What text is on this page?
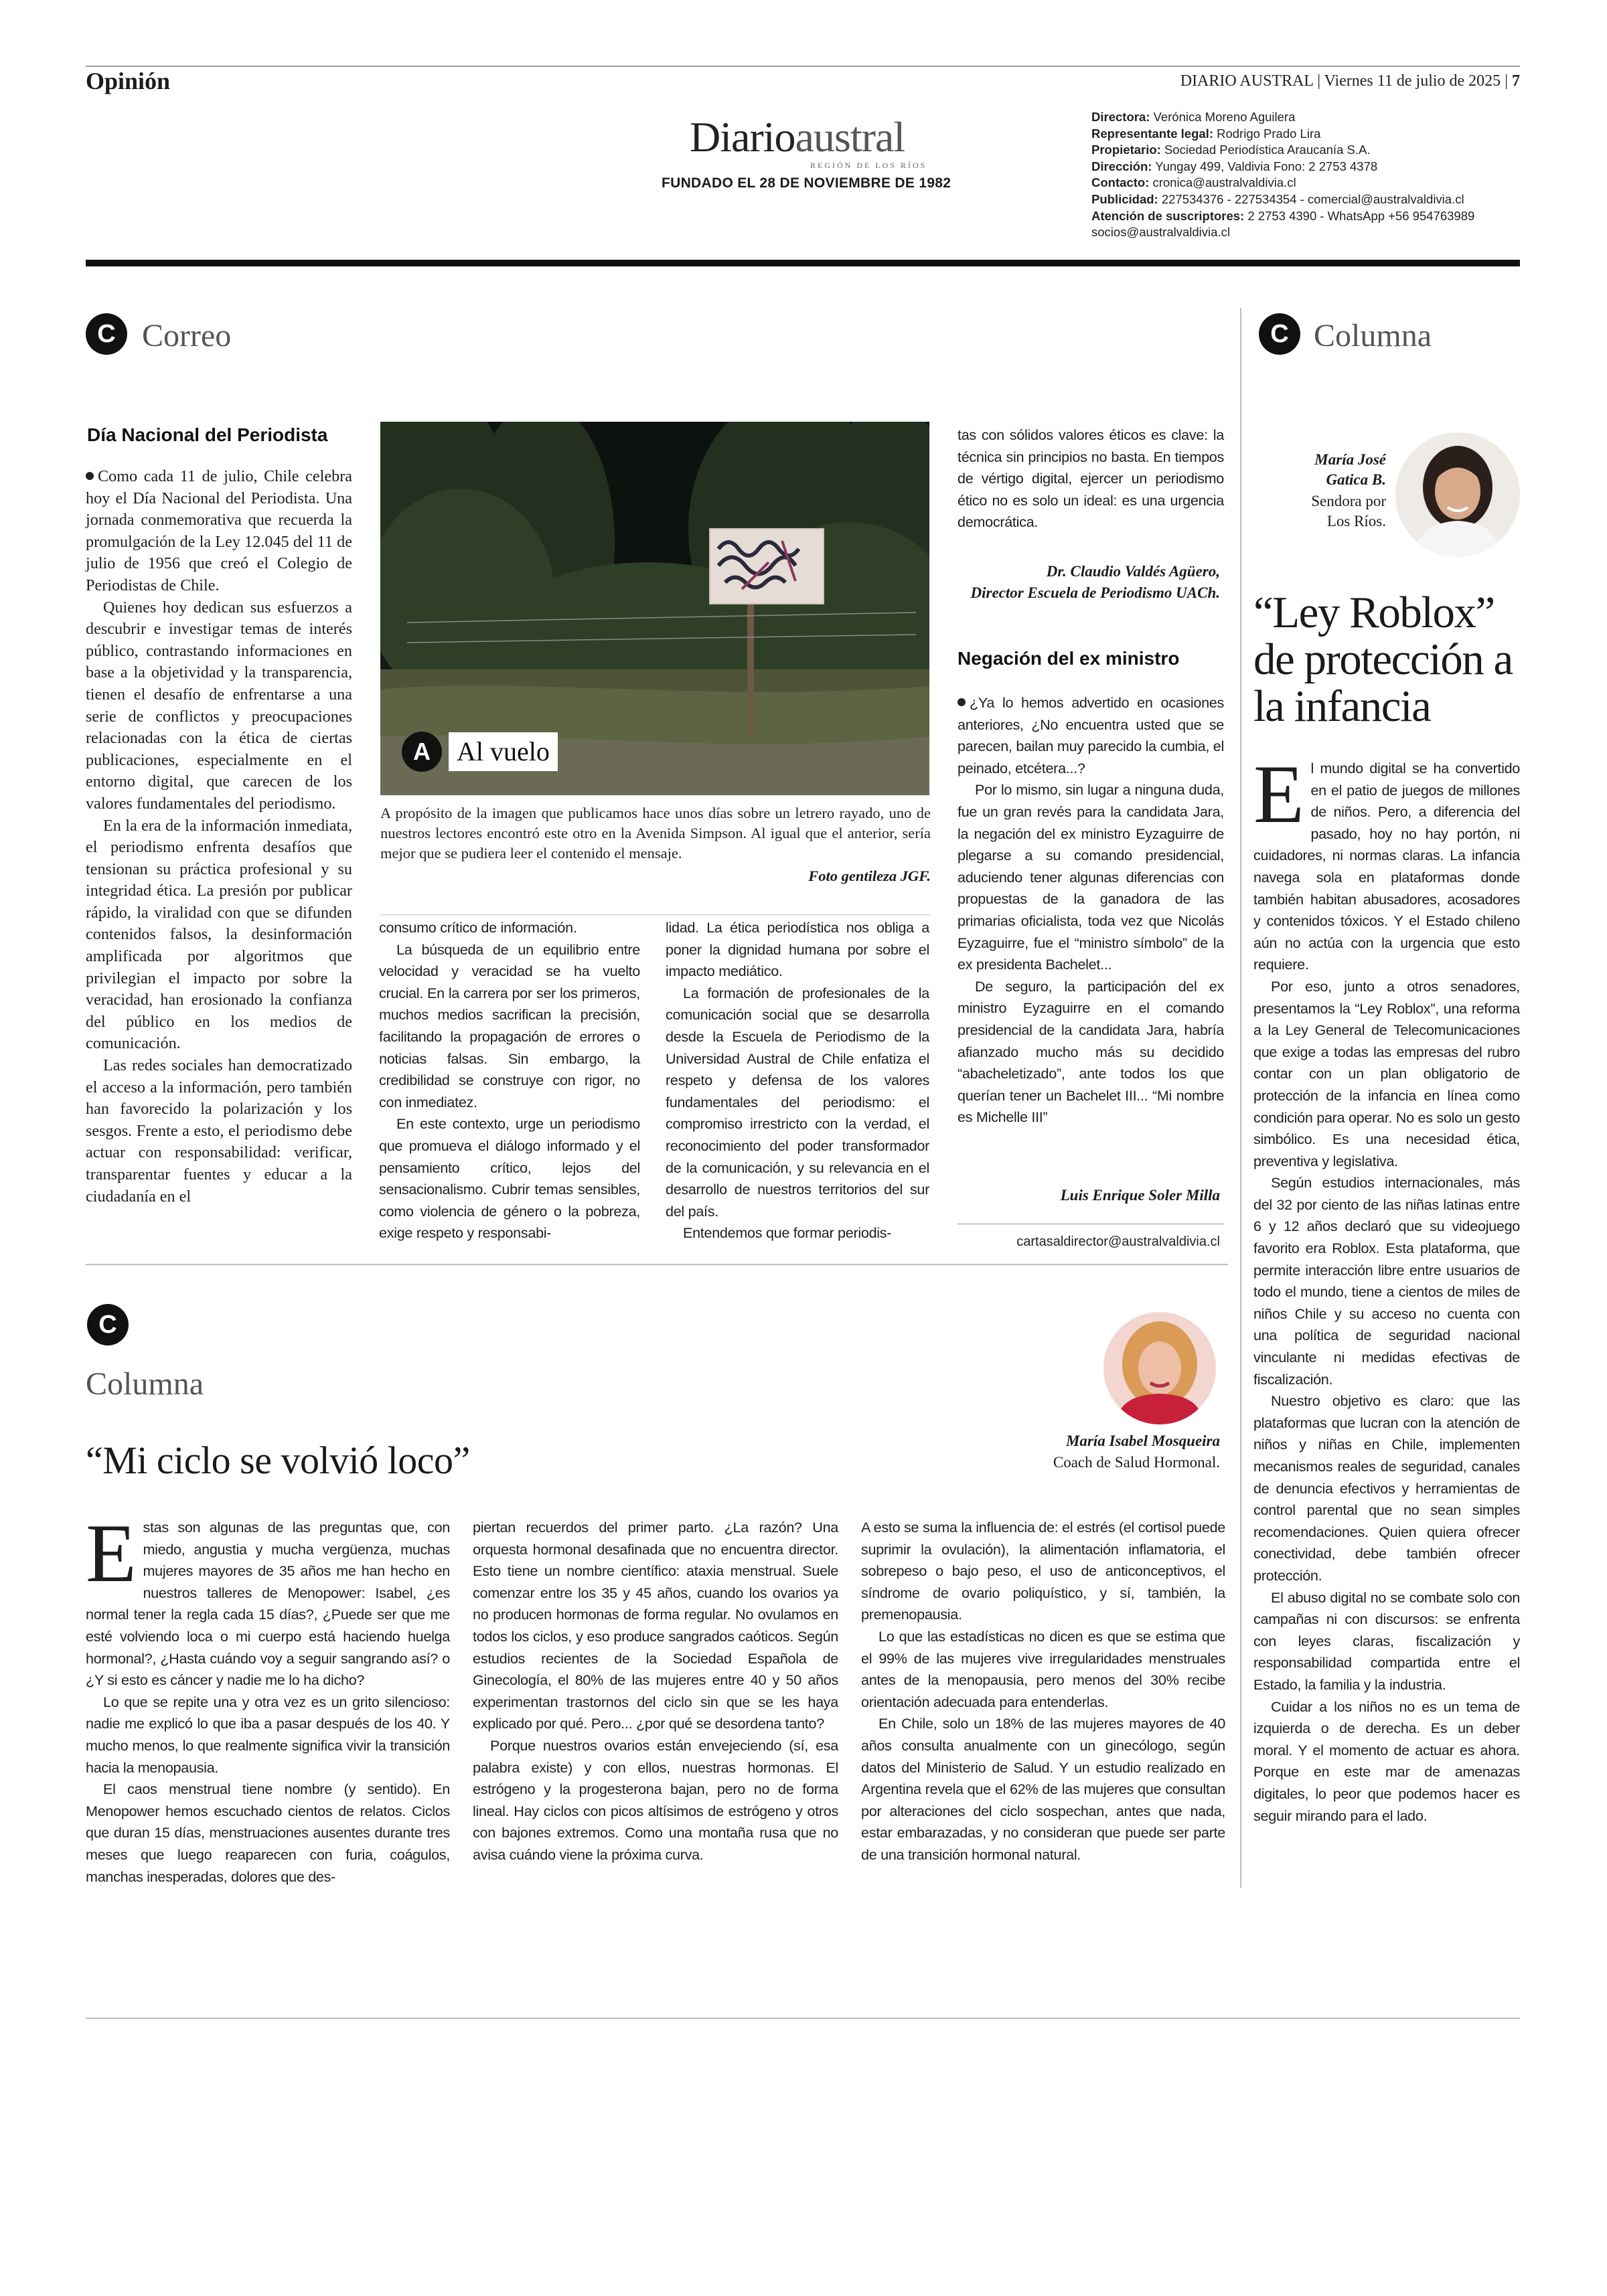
Opinión	DIARIO AUSTRAL | Viernes 11 de julio de 2025 | 7
Diarioaustral
REGIÓN DE LOS RÍOS
FUNDADO EL 28 DE NOVIEMBRE DE 1982
Directora: Verónica Moreno Aguilera
Representante legal: Rodrigo Prado Lira
Propietario: Sociedad Periodística Araucanía S.A.
Dirección: Yungay 499, Valdivia Fono: 2 2753 4378
Contacto: cronica@australvaldivia.cl
Publicidad: 227534376 - 227534354 - comercial@australvaldivia.cl
Atención de suscriptores: 2 2753 4390 - WhatsApp +56 954763989
socios@australvaldivia.cl
C Correo
Día Nacional del Periodista

Como cada 11 de julio, Chile celebra hoy el Día Nacional del Periodista. Una jornada conmemorativa que recuerda la promulgación de la Ley 12.045 del 11 de julio de 1956 que creó el Colegio de Periodistas de Chile.

Quienes hoy dedican sus esfuerzos a descubrir e investigar temas de interés público, contrastando informaciones en base a la objetividad y la transparencia, tienen el desafío de enfrentarse a una serie de conflictos y preocupaciones relacionadas con la ética de ciertas publicaciones, especialmente en el entorno digital, que carecen de los valores fundamentales del periodismo.

En la era de la información inmediata, el periodismo enfrenta desafíos que tensionan su práctica profesional y su integridad ética. La presión por publicar rápido, la viralidad con que se difunden contenidos falsos, la desinformación amplificada por algoritmos que privilegian el impacto por sobre la veracidad, han erosionado la confianza del público en los medios de comunicación.

Las redes sociales han democratizado el acceso a la información, pero también han favorecido la polarización y los sesgos. Frente a esto, el periodismo debe actuar con responsabilidad: verificar, transparentar fuentes y educar a la ciudadanía en el

A Al vuelo
A propósito de la imagen que publicamos hace unos días sobre un letrero rayado, uno de nuestros lectores encontró este otro en la Avenida Simpson. Al igual que el anterior, sería mejor que se pudiera leer el contenido el mensaje.
Foto gentileza JGF.

consumo crítico de información.

La búsqueda de un equilibrio entre velocidad y veracidad se ha vuelto crucial. En la carrera por ser los primeros, muchos medios sacrifican la precisión, facilitando la propagación de errores o noticias falsas. Sin embargo, la credibilidad se construye con rigor, no con inmediatez.

En este contexto, urge un periodismo que promueva el diálogo informado y el pensamiento crítico, lejos del sensacionalismo. Cubrir temas sensibles, como violencia de género o la pobreza, exige respeto y responsabi-

lidad. La ética periodística nos obliga a poner la dignidad humana por sobre el impacto mediático.

La formación de profesionales de la comunicación social que se desarrolla desde la Escuela de Periodismo de la Universidad Austral de Chile enfatiza el respeto y defensa de los valores fundamentales del periodismo: el compromiso irrestricto con la verdad, el reconocimiento del poder transformador de la comunicación, y su relevancia en el desarrollo de nuestros territorios del sur del país.

Entendemos que formar periodis-

tas con sólidos valores éticos es clave: la técnica sin principios no basta. En tiempos de vértigo digital, ejercer un periodismo ético no es solo un ideal: es una urgencia democrática.

Dr. Claudio Valdés Agüero,
Director Escuela de Periodismo UACh.
Negación del ex ministro

¿Ya lo hemos advertido en ocasiones anteriores, ¿No encuentra usted que se parecen, bailan muy parecido la cumbia, el peinado, etcétera...?

Por lo mismo, sin lugar a ninguna duda, fue un gran revés para la candidata Jara, la negación del ex ministro Eyzaguirre de plegarse a su comando presidencial, aduciendo tener algunas diferencias con propuestas de la ganadora de las primarias oficialista, toda vez que Nicolás Eyzaguirre, fue el “ministro símbolo” de la ex presidenta Bachelet...

De seguro, la participación del ex ministro Eyzaguirre en el comando presidencial de la candidata Jara, habría afianzado mucho más su decidido “abacheletizado”, ante todos los que querían tener un Bachelet III... “Mi nombre es Michelle III”

Luis Enrique Soler Milla
cartasaldirector@australvaldivia.cl
C Columna
María José
Gatica B.
Sendora por
Los Ríos.
“Ley Roblox” de protección a la infancia

El mundo digital se ha convertido en el patio de juegos de millones de niños. Pero, a diferencia del pasado, hoy no hay portón, ni cuidadores, ni normas claras. La infancia navega sola en plataformas donde también habitan abusadores, acosadores y contenidos tóxicos. Y el Estado chileno aún no actúa con la urgencia que esto requiere.

Por eso, junto a otros senadores, presentamos la “Ley Roblox”, una reforma a la Ley General de Telecomunicaciones que exige a todas las empresas del rubro contar con un plan obligatorio de protección de la infancia en línea como condición para operar. No es solo un gesto simbólico. Es una necesidad ética, preventiva y legislativa.

Según estudios internacionales, más del 32 por ciento de las niñas latinas entre 6 y 12 años declaró que su videojuego favorito era Roblox. Esta plataforma, que permite interacción libre entre usuarios de todo el mundo, tiene a cientos de miles de niños Chile y su acceso no cuenta con una política de seguridad nacional vinculante ni medidas efectivas de fiscalización.

Nuestro objetivo es claro: que las plataformas que lucran con la atención de niños y niñas en Chile, implementen mecanismos reales de seguridad, canales de denuncia efectivos y herramientas de control parental que no sean simples recomendaciones. Quien quiera ofrecer conectividad, debe también ofrecer protección.

El abuso digital no se combate solo con campañas ni con discursos: se enfrenta con leyes claras, fiscalización y responsabilidad compartida entre el Estado, la familia y la industria.

Cuidar a los niños no es un tema de izquierda o de derecha. Es un deber moral. Y el momento de actuar es ahora. Porque en este mar de amenazas digitales, lo peor que podemos hacer es seguir mirando para el lado.

C
Columna
“Mi ciclo se volvió loco”	María Isabel Mosqueira
Coach de Salud Hormonal.

Estas son algunas de las preguntas que, con miedo, angustia y mucha vergüenza, muchas mujeres mayores de 35 años me han hecho en nuestros talleres de Menopower: Isabel, ¿es normal tener la regla cada 15 días?, ¿Puede ser que me esté volviendo loca o mi cuerpo está haciendo huelga hormonal?, ¿Hasta cuándo voy a seguir sangrando así? o ¿Y si esto es cáncer y nadie me lo ha dicho?

Lo que se repite una y otra vez es un grito silencioso: nadie me explicó lo que iba a pasar después de los 40. Y mucho menos, lo que realmente significa vivir la transición hacia la menopausia.

El caos menstrual tiene nombre (y sentido). En Menopower hemos escuchado cientos de relatos. Ciclos que duran 15 días, menstruaciones ausentes durante tres meses que luego reaparecen con furia, coágulos, manchas inesperadas, dolores que des-

piertan recuerdos del primer parto. ¿La razón? Una orquesta hormonal desafinada que no encuentra director. Esto tiene un nombre científico: ataxia menstrual. Suele comenzar entre los 35 y 45 años, cuando los ovarios ya no producen hormonas de forma regular. No ovulamos en todos los ciclos, y eso produce sangrados caóticos. Según estudios recientes de la Sociedad Española de Ginecología, el 80% de las mujeres entre 40 y 50 años experimentan trastornos del ciclo sin que se les haya explicado por qué. Pero... ¿por qué se desordena tanto?

Porque nuestros ovarios están envejeciendo (sí, esa palabra existe) y con ellos, nuestras hormonas. El estrógeno y la progesterona bajan, pero no de forma lineal. Hay ciclos con picos altísimos de estrógeno y otros con bajones extremos. Como una montaña rusa que no avisa cuándo viene la próxima curva.

A esto se suma la influencia de: el estrés (el cortisol puede suprimir la ovulación), la alimentación inflamatoria, el sobrepeso o bajo peso, el uso de anticonceptivos, el síndrome de ovario poliquístico, y sí, también, la premenopausia.

Lo que las estadísticas no dicen es que se estima que el 99% de las mujeres vive irregularidades menstruales antes de la menopausia, pero menos del 30% recibe orientación adecuada para entenderlas.

En Chile, solo un 18% de las mujeres mayores de 40 años consulta anualmente con un ginecólogo, según datos del Ministerio de Salud. Y un estudio realizado en Argentina revela que el 62% de las mujeres que consultan por alteraciones del ciclo sospechan, antes que nada, estar embarazadas, y no consideran que puede ser parte de una transición hormonal natural.
